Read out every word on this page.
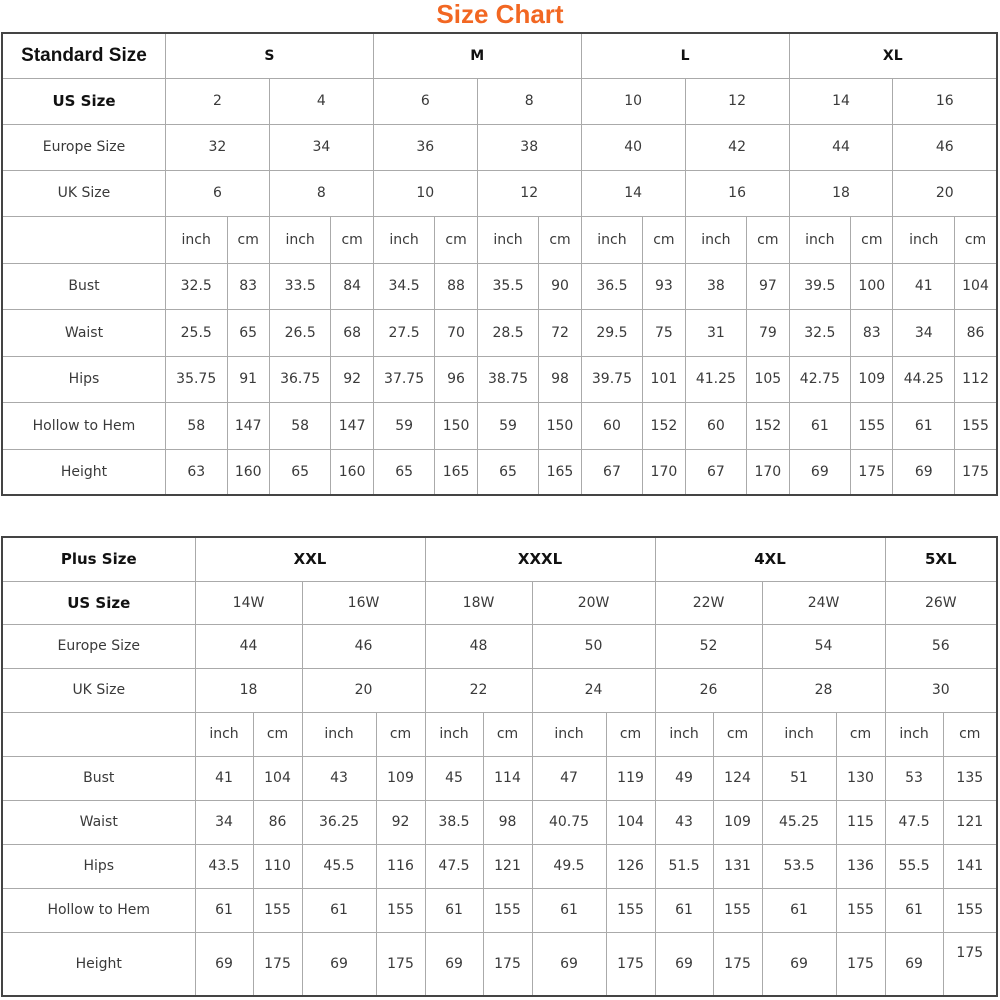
Size Chart
Standard Size	S				M				L				XL			
US Size	2		4		6		8		10		12		14		16	
Europe Size	32		34		36		38		40		42		44		46	
UK Size	6		8		10		12		14		16		18		20	
	inch	cm	inch	cm	inch	cm	inch	cm	inch	cm	inch	cm	inch	cm	inch	cm
Bust	32.5	83	33.5	84	34.5	88	35.5	90	36.5	93	38	97	39.5	100	41	104
Waist	25.5	65	26.5	68	27.5	70	28.5	72	29.5	75	31	79	32.5	83	34	86
Hips	35.75	91	36.75	92	37.75	96	38.75	98	39.75	101	41.25	105	42.75	109	44.25	112
Hollow to Hem	58	147	58	147	59	150	59	150	60	152	60	152	61	155	61	155
Height	63	160	65	160	65	165	65	165	67	170	67	170	69	175	69	175
Plus Size	XXL				XXXL				4XL				5XL	
US Size	14W		16W		18W		20W		22W		24W		26W	
Europe Size	44		46		48		50		52		54		56	
UK Size	18		20		22		24		26		28		30	
	inch	cm	inch	cm	inch	cm	inch	cm	inch	cm	inch	cm	inch	cm
Bust	41	104	43	109	45	114	47	119	49	124	51	130	53	135
Waist	34	86	36.25	92	38.5	98	40.75	104	43	109	45.25	115	47.5	121
Hips	43.5	110	45.5	116	47.5	121	49.5	126	51.5	131	53.5	136	55.5	141
Hollow to Hem	61	155	61	155	61	155	61	155	61	155	61	155	61	155
Height	69	175	69	175	69	175	69	175	69	175	69	175	69	175
